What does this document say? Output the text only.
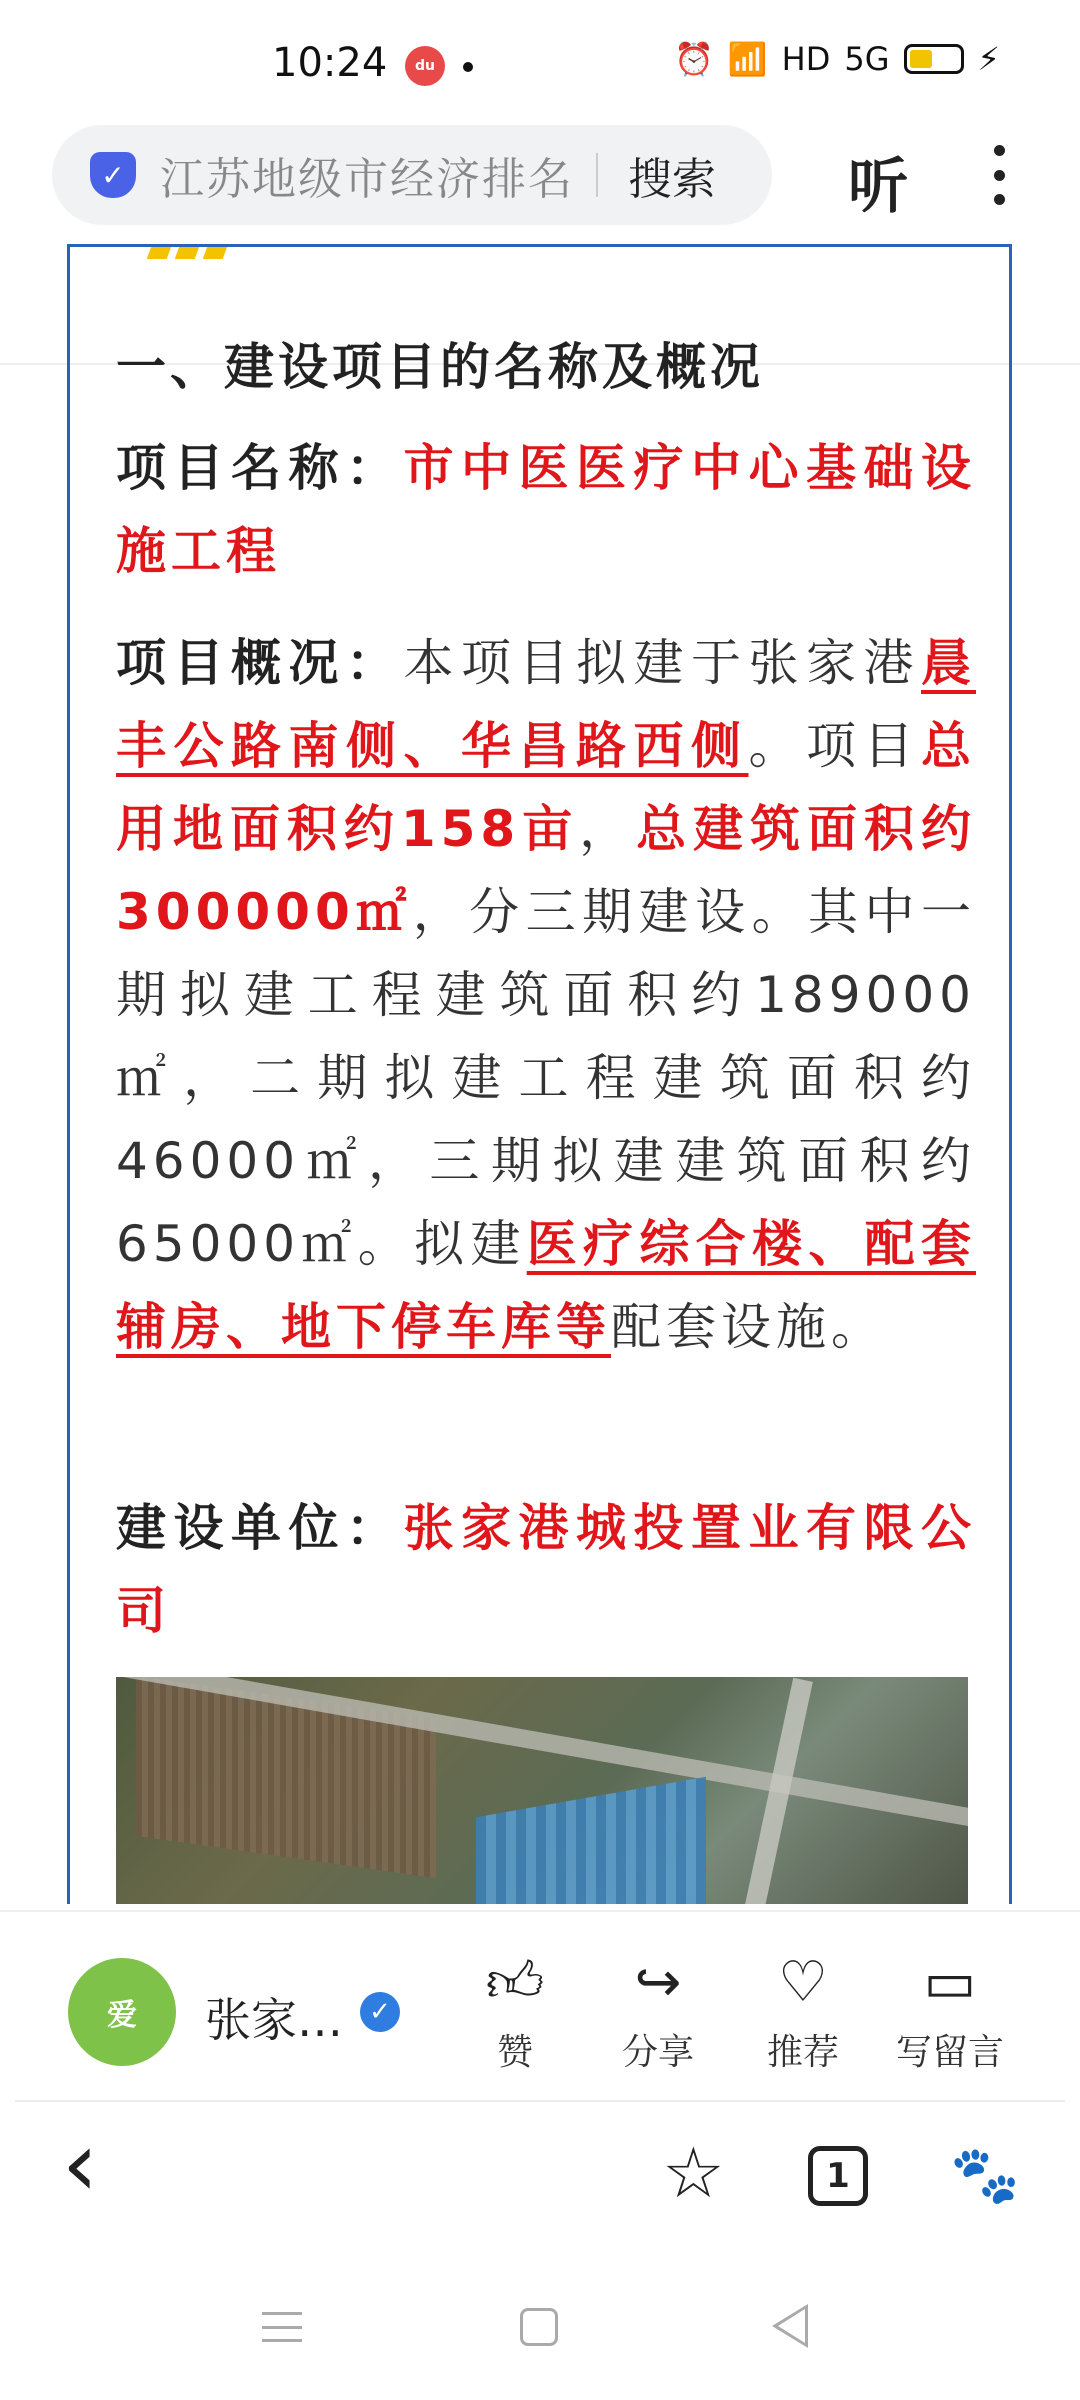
10:24	du	⏰ 📶 HD 5G	⚡
✓ 江苏地级市经济排名 搜索 听
一、建设项目的名称及概况
项目名称：市中医医疗中心基础设施工程
项目概况：本项目拟建于张家港晨丰公路南侧、华昌路西侧。项目总用地面积约158亩，总建筑面积约300000㎡，分三期建设。其中一期拟建工程建筑面积约189000㎡，二期拟建工程建筑面积约46000㎡，三期拟建建筑面积约65000㎡。拟建医疗综合楼、配套辅房、地下停车库等配套设施。
建设单位：张家港城投置业有限公司
爱	张家…	✓	👍︎
赞
↪
分享
♡
推荐
▭
写留言
‹	☆	1	🐾
